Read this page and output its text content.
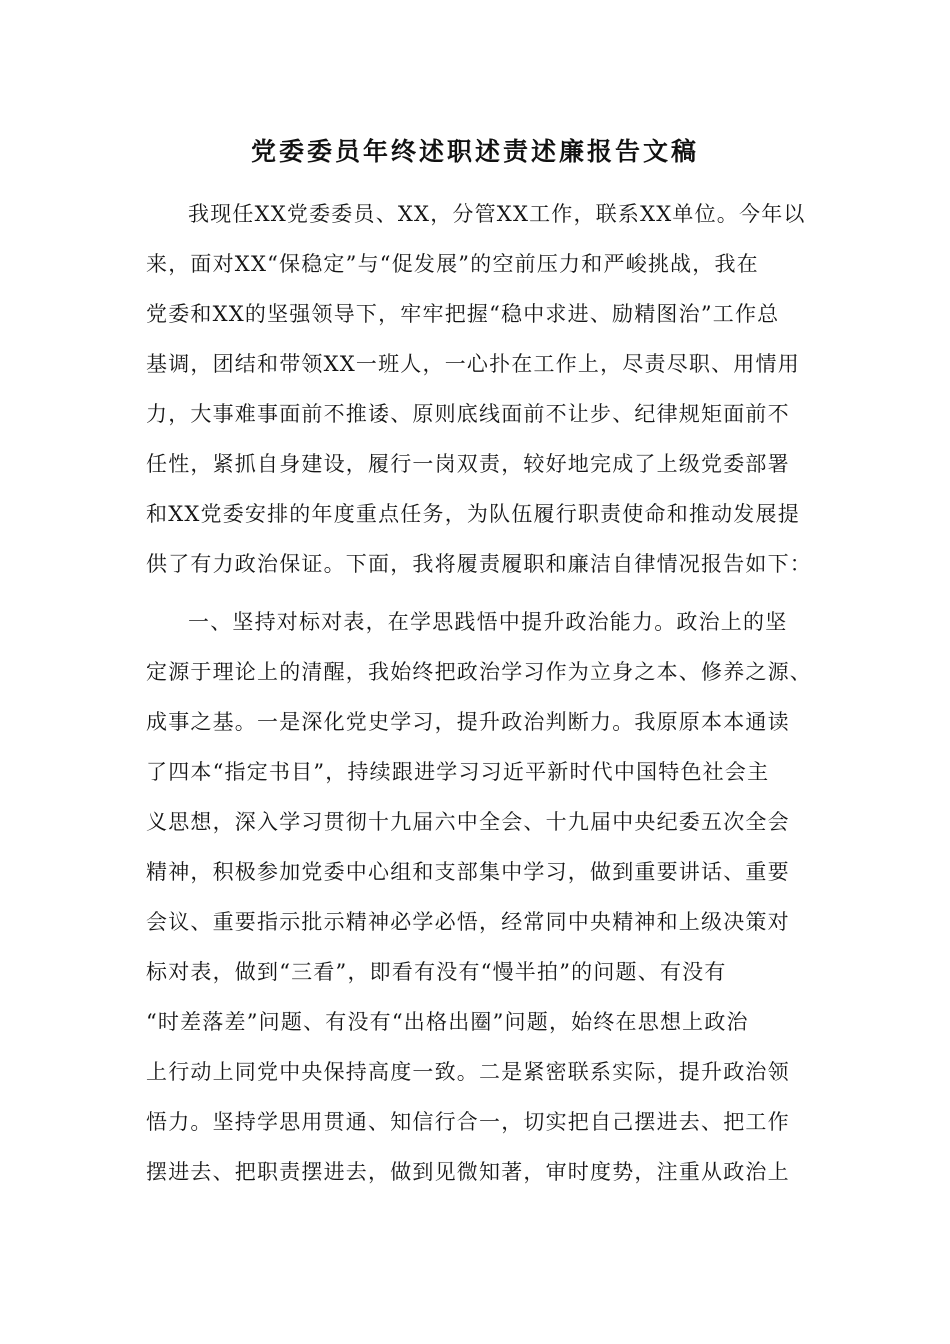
党委委员年终述职述责述廉报告文稿
我现任XX党委委员、XX，分管XX工作，联系XX单位。今年以
来，面对XX“保稳定”与“促发展”的空前压力和严峻挑战，我在
党委和XX的坚强领导下，牢牢把握“稳中求进、励精图治”工作总
基调，团结和带领XX一班人，一心扑在工作上，尽责尽职、用情用
力，大事难事面前不推诿、原则底线面前不让步、纪律规矩面前不
任性，紧抓自身建设，履行一岗双责，较好地完成了上级党委部署
和XX党委安排的年度重点任务，为队伍履行职责使命和推动发展提
供了有力政治保证。下面，我将履责履职和廉洁自律情况报告如下：
一、坚持对标对表，在学思践悟中提升政治能力。政治上的坚
定源于理论上的清醒，我始终把政治学习作为立身之本、修养之源、
成事之基。一是深化党史学习，提升政治判断力。我原原本本通读
了四本“指定书目”，持续跟进学习习近平新时代中国特色社会主
义思想，深入学习贯彻十九届六中全会、十九届中央纪委五次全会
精神，积极参加党委中心组和支部集中学习，做到重要讲话、重要
会议、重要指示批示精神必学必悟，经常同中央精神和上级决策对
标对表，做到“三看”，即看有没有“慢半拍”的问题、有没有
“时差落差”问题、有没有“出格出圈”问题，始终在思想上政治
上行动上同党中央保持高度一致。二是紧密联系实际，提升政治领
悟力。坚持学思用贯通、知信行合一，切实把自己摆进去、把工作
摆进去、把职责摆进去，做到见微知著，审时度势，注重从政治上
